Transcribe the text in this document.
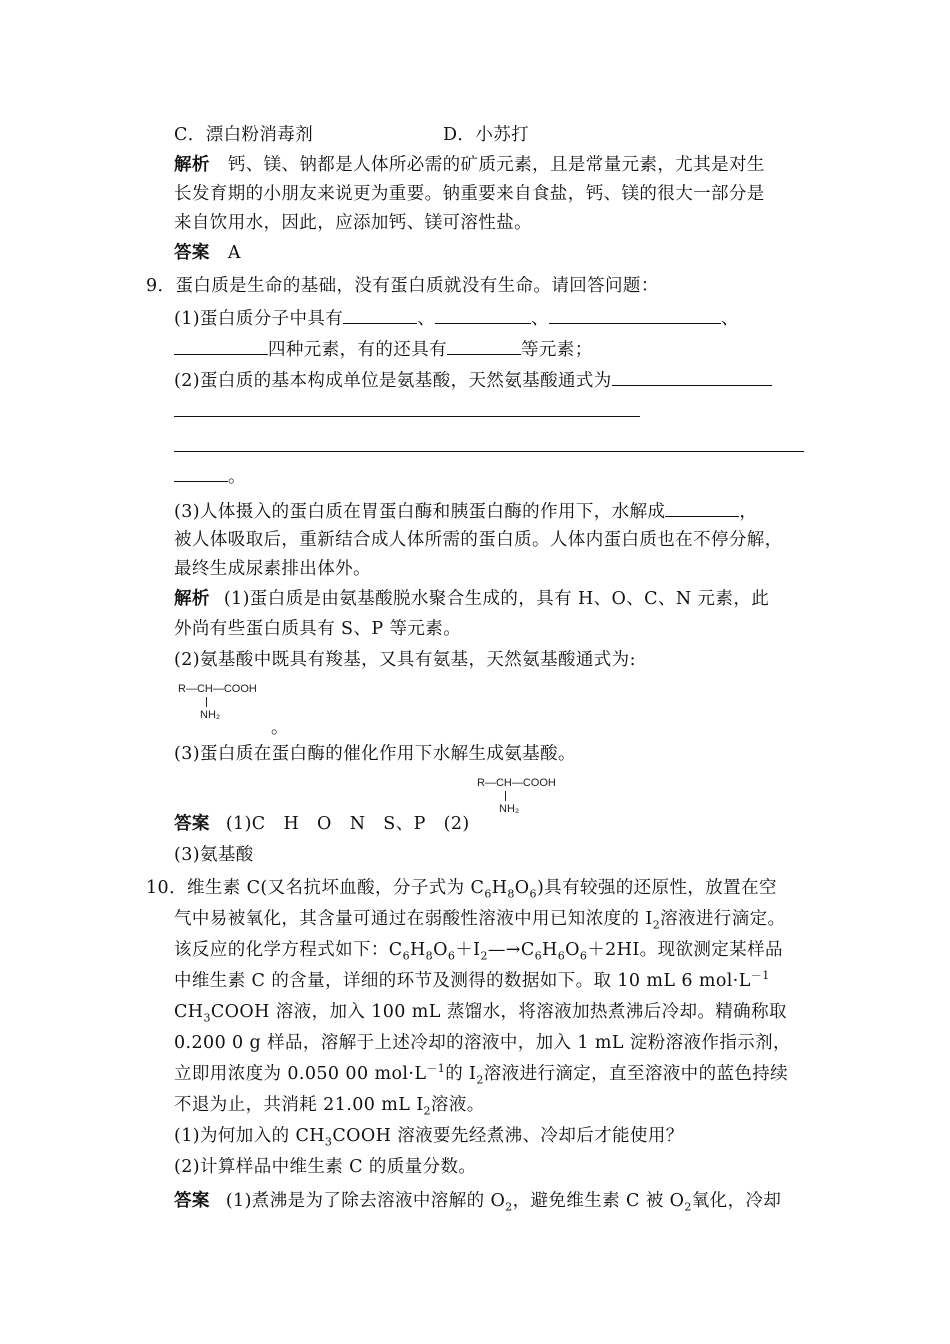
C．漂白粉消毒剂	D．小苏打
解析 钙、镁、钠都是人体所必需的矿质元素，且是常量元素，尤其是对生
长发育期的小朋友来说更为重要。钠重要来自食盐，钙、镁的很大一部分是
来自饮用水，因此，应添加钙、镁可溶性盐。
答案 A
9．蛋白质是生命的基础，没有蛋白质就没有生命。请回答问题：
(1)蛋白质分子中具有	、	、	、
四种元素，有的还具有	等元素；
(2)蛋白质的基本构成单位是氨基酸，天然氨基酸通式为
。
(3)人体摄入的蛋白质在胃蛋白酶和胰蛋白酶的作用下，水解成	，
被人体吸取后，重新结合成人体所需的蛋白质。人体内蛋白质也在不停分解，
最终生成尿素排出体外。
解析 (1)蛋白质是由氨基酸脱水聚合生成的，具有 H、O、C、N 元素，此
外尚有些蛋白质具有 S、P 等元素。
(2)氨基酸中既具有羧基，又具有氨基，天然氨基酸通式为:
R—CH—COOH
NH₂
。
(3)蛋白质在蛋白酶的催化作用下水解生成氨基酸。
R—CH—COOH
NH₂
答案 (1)C　H　O　N　S、P　(2)
(3)氨基酸
10．维生素 C(又名抗坏血酸，分子式为 $C_6H_8O_6$)具有较强的还原性，放置在空
气中易被氧化，其含量可通过在弱酸性溶液中用已知浓度的 $I_2$溶液进行滴定。
该反应的化学方程式如下：$C_6H_8O_6+I_2—\to C_6H_6O_6+2HI$。现欲测定某样品
中维生素 C 的含量，详细的环节及测得的数据如下。取 10 mL 6 $mol\cdot L^{-1}$
$CH_3COOH$ 溶液，加入 100 mL 蒸馏水，将溶液加热煮沸后冷却。精确称取
0.200 0 g 样品，溶解于上述冷却的溶液中，加入 1 mL 淀粉溶液作指示剂，
立即用浓度为 0.050 00 $mol\cdot L^{-1}$的 $I_2$溶液进行滴定，直至溶液中的蓝色持续
不退为止，共消耗 21.00 mL $I_2$溶液。
(1)为何加入的 $CH_3COOH$ 溶液要先经煮沸、冷却后才能使用？
(2)计算样品中维生素 C 的质量分数。
答案 (1)煮沸是为了除去溶液中溶解的 $O_2$，避免维生素 C 被 $O_2$氧化，冷却
